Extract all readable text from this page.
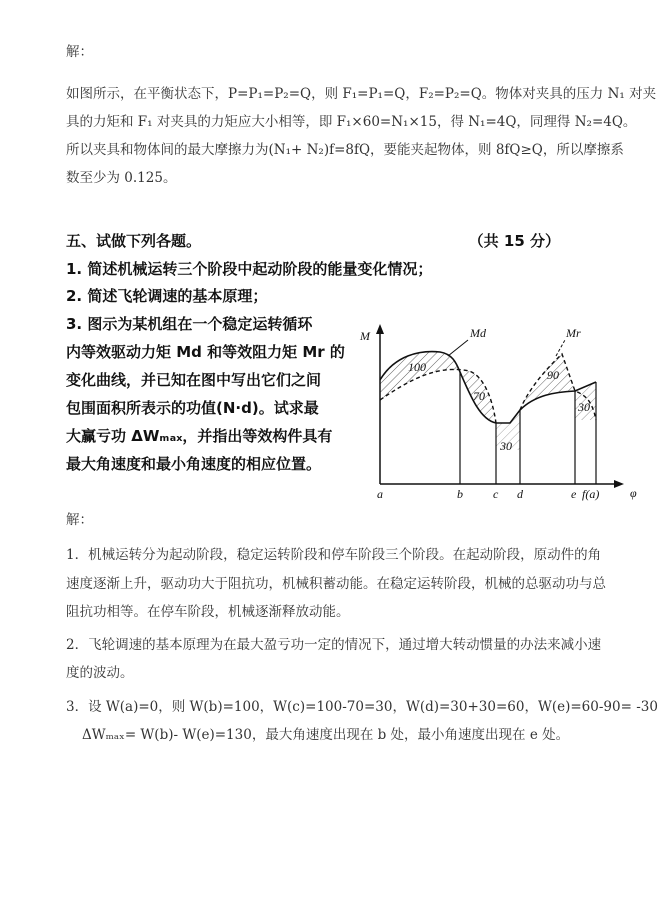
解：
如图所示，在平衡状态下，P=P₁=P₂=Q，则 F₁=P₁=Q，F₂=P₂=Q。物体对夹具的压力 N₁ 对夹
具的力矩和 F₁ 对夹具的力矩应大小相等，即 F₁×60=N₁×15，得 N₁=4Q，同理得 N₂=4Q。
所以夹具和物体间的最大摩擦力为(N₁+ N₂)f=8fQ，要能夹起物体，则 8fQ≥Q，所以摩擦系
数至少为 0.125。
五、试做下列各题。	（共 15 分）
1. 简述机械运转三个阶段中起动阶段的能量变化情况；
2. 简述飞轮调速的基本原理；
3. 图示为某机组在一个稳定运转循环
内等效驱动力矩 Md 和等效阻力矩 Mr 的
变化曲线，并已知在图中写出它们之间
包围面积所表示的功值(N·d)。试求最
大赢亏功 ΔWₘₐₓ，并指出等效构件具有
最大角速度和最小角速度的相应位置。
M
φ
Md	Mr
a	b	c d	e f(a)
100
70
30
90
30
解：
1．机械运转分为起动阶段，稳定运转阶段和停车阶段三个阶段。在起动阶段，原动件的角
速度逐渐上升，驱动功大于阻抗功，机械积蓄动能。在稳定运转阶段，机械的总驱动功与总
阻抗功相等。在停车阶段，机械逐渐释放动能。
2．飞轮调速的基本原理为在最大盈亏功一定的情况下，通过增大转动惯量的办法来减小速
度的波动。
3．设 W(a)=0，则 W(b)=100，W(c)=100-70=30，W(d)=30+30=60，W(e)=60-90= -30
ΔWₘₐₓ= W(b)- W(e)=130，最大角速度出现在 b 处，最小角速度出现在 e 处。
